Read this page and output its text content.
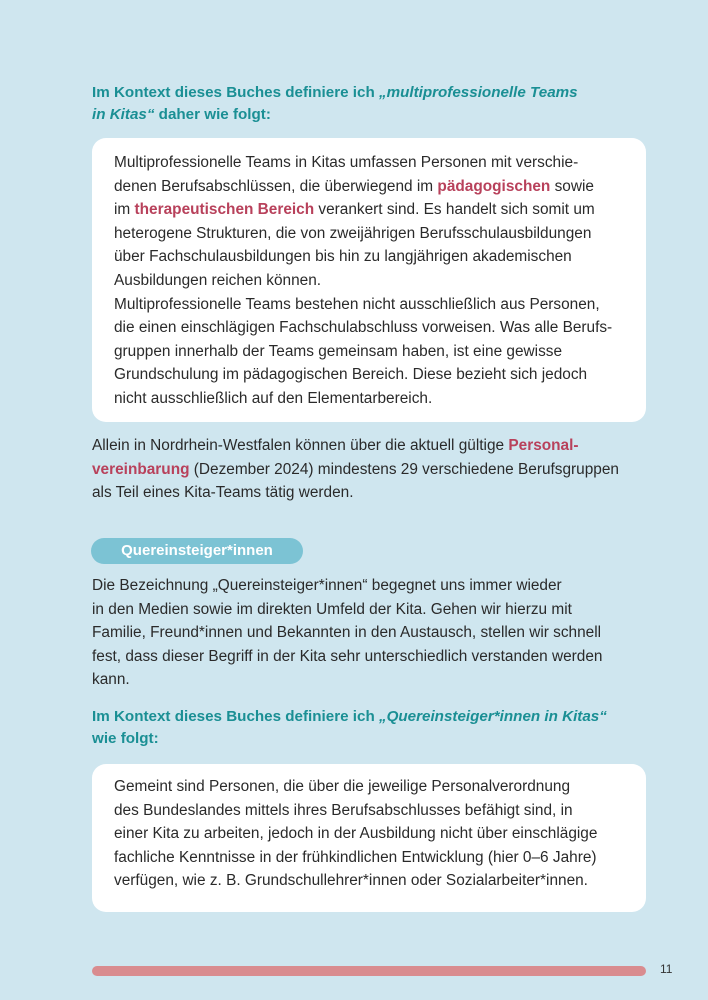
Im Kontext dieses Buches definiere ich „multiprofessionelle Teams
in Kitas“ daher wie folgt:

Multiprofessionelle Teams in Kitas umfassen Personen mit verschie-

denen Berufsabschlüssen, die überwiegend im pädagogischen sowie

im therapeutischen Bereich verankert sind. Es handelt sich somit um

heterogene Strukturen, die von zweijährigen Berufsschulausbildungen

über Fachschulausbildungen bis hin zu langjährigen akademischen

Ausbildungen reichen können.

Multiprofessionelle Teams bestehen nicht ausschließlich aus Personen,

die einen einschlägigen Fachschulabschluss vorweisen. Was alle Berufs-

gruppen innerhalb der Teams gemeinsam haben, ist eine gewisse

Grundschulung im pädagogischen Bereich. Diese bezieht sich jedoch

nicht ausschließlich auf den Elementarbereich.

Allein in Nordrhein-Westfalen können über die aktuell gültige Personal-

vereinbarung (Dezember 2024) mindestens 29 verschiedene Berufsgruppen

als Teil eines Kita-Teams tätig werden.

Quereinsteiger*innen

Die Bezeichnung „Quereinsteiger*innen“ begegnet uns immer wieder

in den Medien sowie im direkten Umfeld der Kita. Gehen wir hierzu mit

Familie, Freund*innen und Bekannten in den Austausch, stellen wir schnell

fest, dass dieser Begriff in der Kita sehr unterschiedlich verstanden werden

kann.

Im Kontext dieses Buches definiere ich „Quereinsteiger*innen in Kitas“
wie folgt:

Gemeint sind Personen, die über die jeweilige Personalverordnung

des Bundeslandes mittels ihres Berufsabschlusses befähigt sind, in

einer Kita zu arbeiten, jedoch in der Ausbildung nicht über einschlägige

fachliche Kenntnisse in der frühkindlichen Entwicklung (hier 0–6 Jahre)

verfügen, wie z. B. Grundschullehrer*innen oder Sozialarbeiter*innen.

11
